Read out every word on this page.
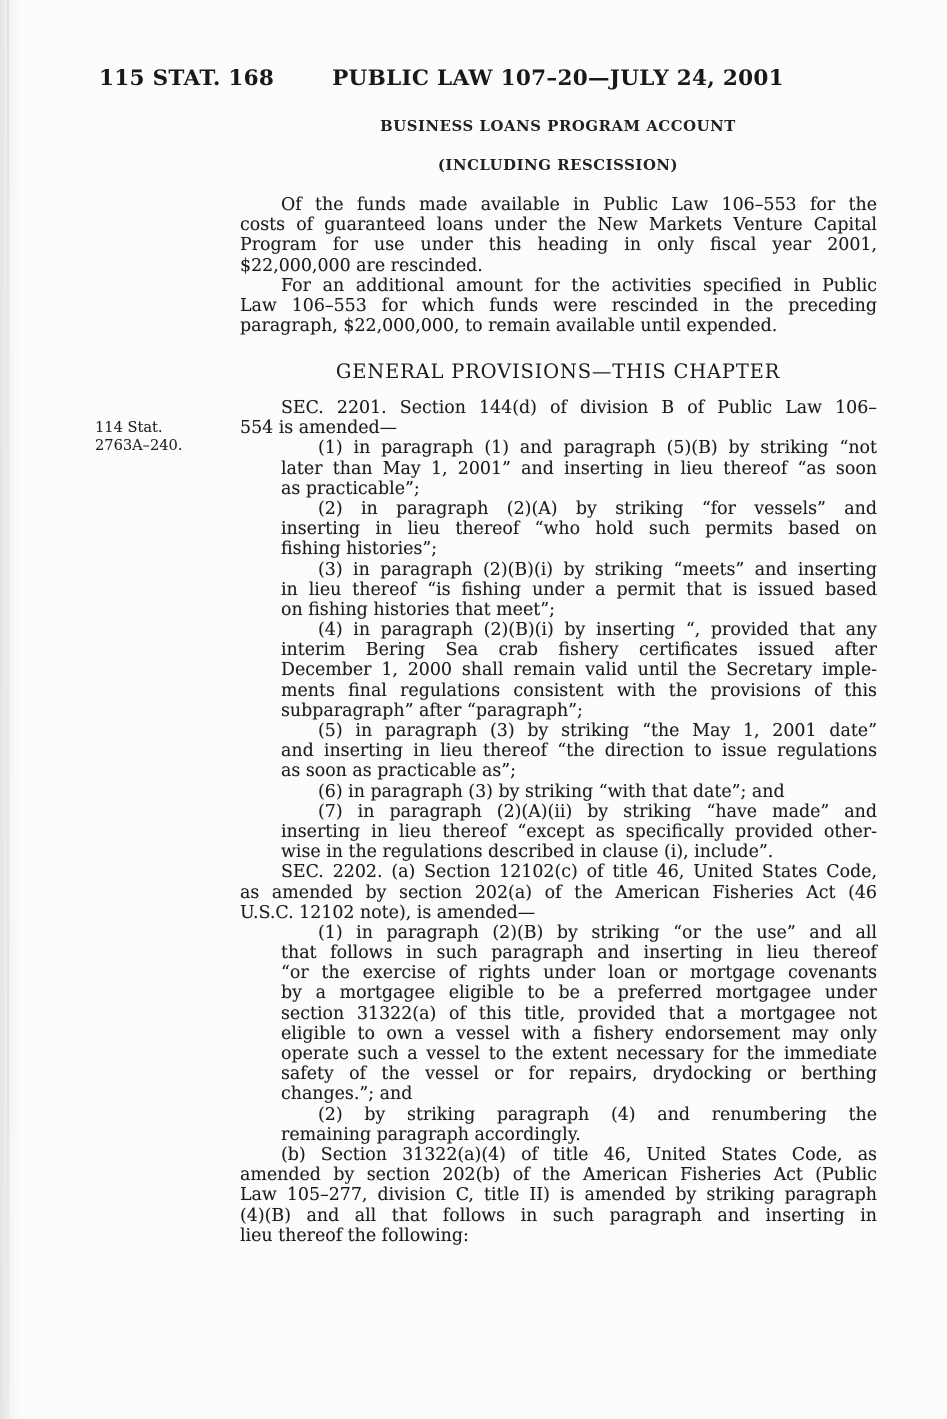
115 STAT. 168	PUBLIC LAW 107–20—JULY 24, 2001
BUSINESS LOANS PROGRAM ACCOUNT
(INCLUDING RESCISSION)
Of the funds made available in Public Law 106–553 for the
costs of guaranteed loans under the New Markets Venture Capital
Program for use under this heading in only fiscal year 2001,
$22,000,000 are rescinded.
For an additional amount for the activities specified in Public
Law 106–553 for which funds were rescinded in the preceding
paragraph, $22,000,000, to remain available until expended.
GENERAL PROVISIONS—THIS CHAPTER
114 Stat.
2763A–240.
SEC. 2201. Section 144(d) of division B of Public Law 106–
554 is amended—
(1) in paragraph (1) and paragraph (5)(B) by striking “not
later than May 1, 2001” and inserting in lieu thereof “as soon
as practicable”;
(2) in paragraph (2)(A) by striking “for vessels” and
inserting in lieu thereof “who hold such permits based on
fishing histories”;
(3) in paragraph (2)(B)(i) by striking “meets” and inserting
in lieu thereof “is fishing under a permit that is issued based
on fishing histories that meet”;
(4) in paragraph (2)(B)(i) by inserting “, provided that any
interim Bering Sea crab fishery certificates issued after
December 1, 2000 shall remain valid until the Secretary imple-
ments final regulations consistent with the provisions of this
subparagraph” after “paragraph”;
(5) in paragraph (3) by striking “the May 1, 2001 date”
and inserting in lieu thereof “the direction to issue regulations
as soon as practicable as”;
(6) in paragraph (3) by striking “with that date”; and
(7) in paragraph (2)(A)(ii) by striking “have made” and
inserting in lieu thereof “except as specifically provided other-
wise in the regulations described in clause (i), include”.
SEC. 2202. (a) Section 12102(c) of title 46, United States Code,
as amended by section 202(a) of the American Fisheries Act (46
U.S.C. 12102 note), is amended—
(1) in paragraph (2)(B) by striking “or the use” and all
that follows in such paragraph and inserting in lieu thereof
“or the exercise of rights under loan or mortgage covenants
by a mortgagee eligible to be a preferred mortgagee under
section 31322(a) of this title, provided that a mortgagee not
eligible to own a vessel with a fishery endorsement may only
operate such a vessel to the extent necessary for the immediate
safety of the vessel or for repairs, drydocking or berthing
changes.”; and
(2) by striking paragraph (4) and renumbering the
remaining paragraph accordingly.
(b) Section 31322(a)(4) of title 46, United States Code, as
amended by section 202(b) of the American Fisheries Act (Public
Law 105–277, division C, title II) is amended by striking paragraph
(4)(B) and all that follows in such paragraph and inserting in
lieu thereof the following:
